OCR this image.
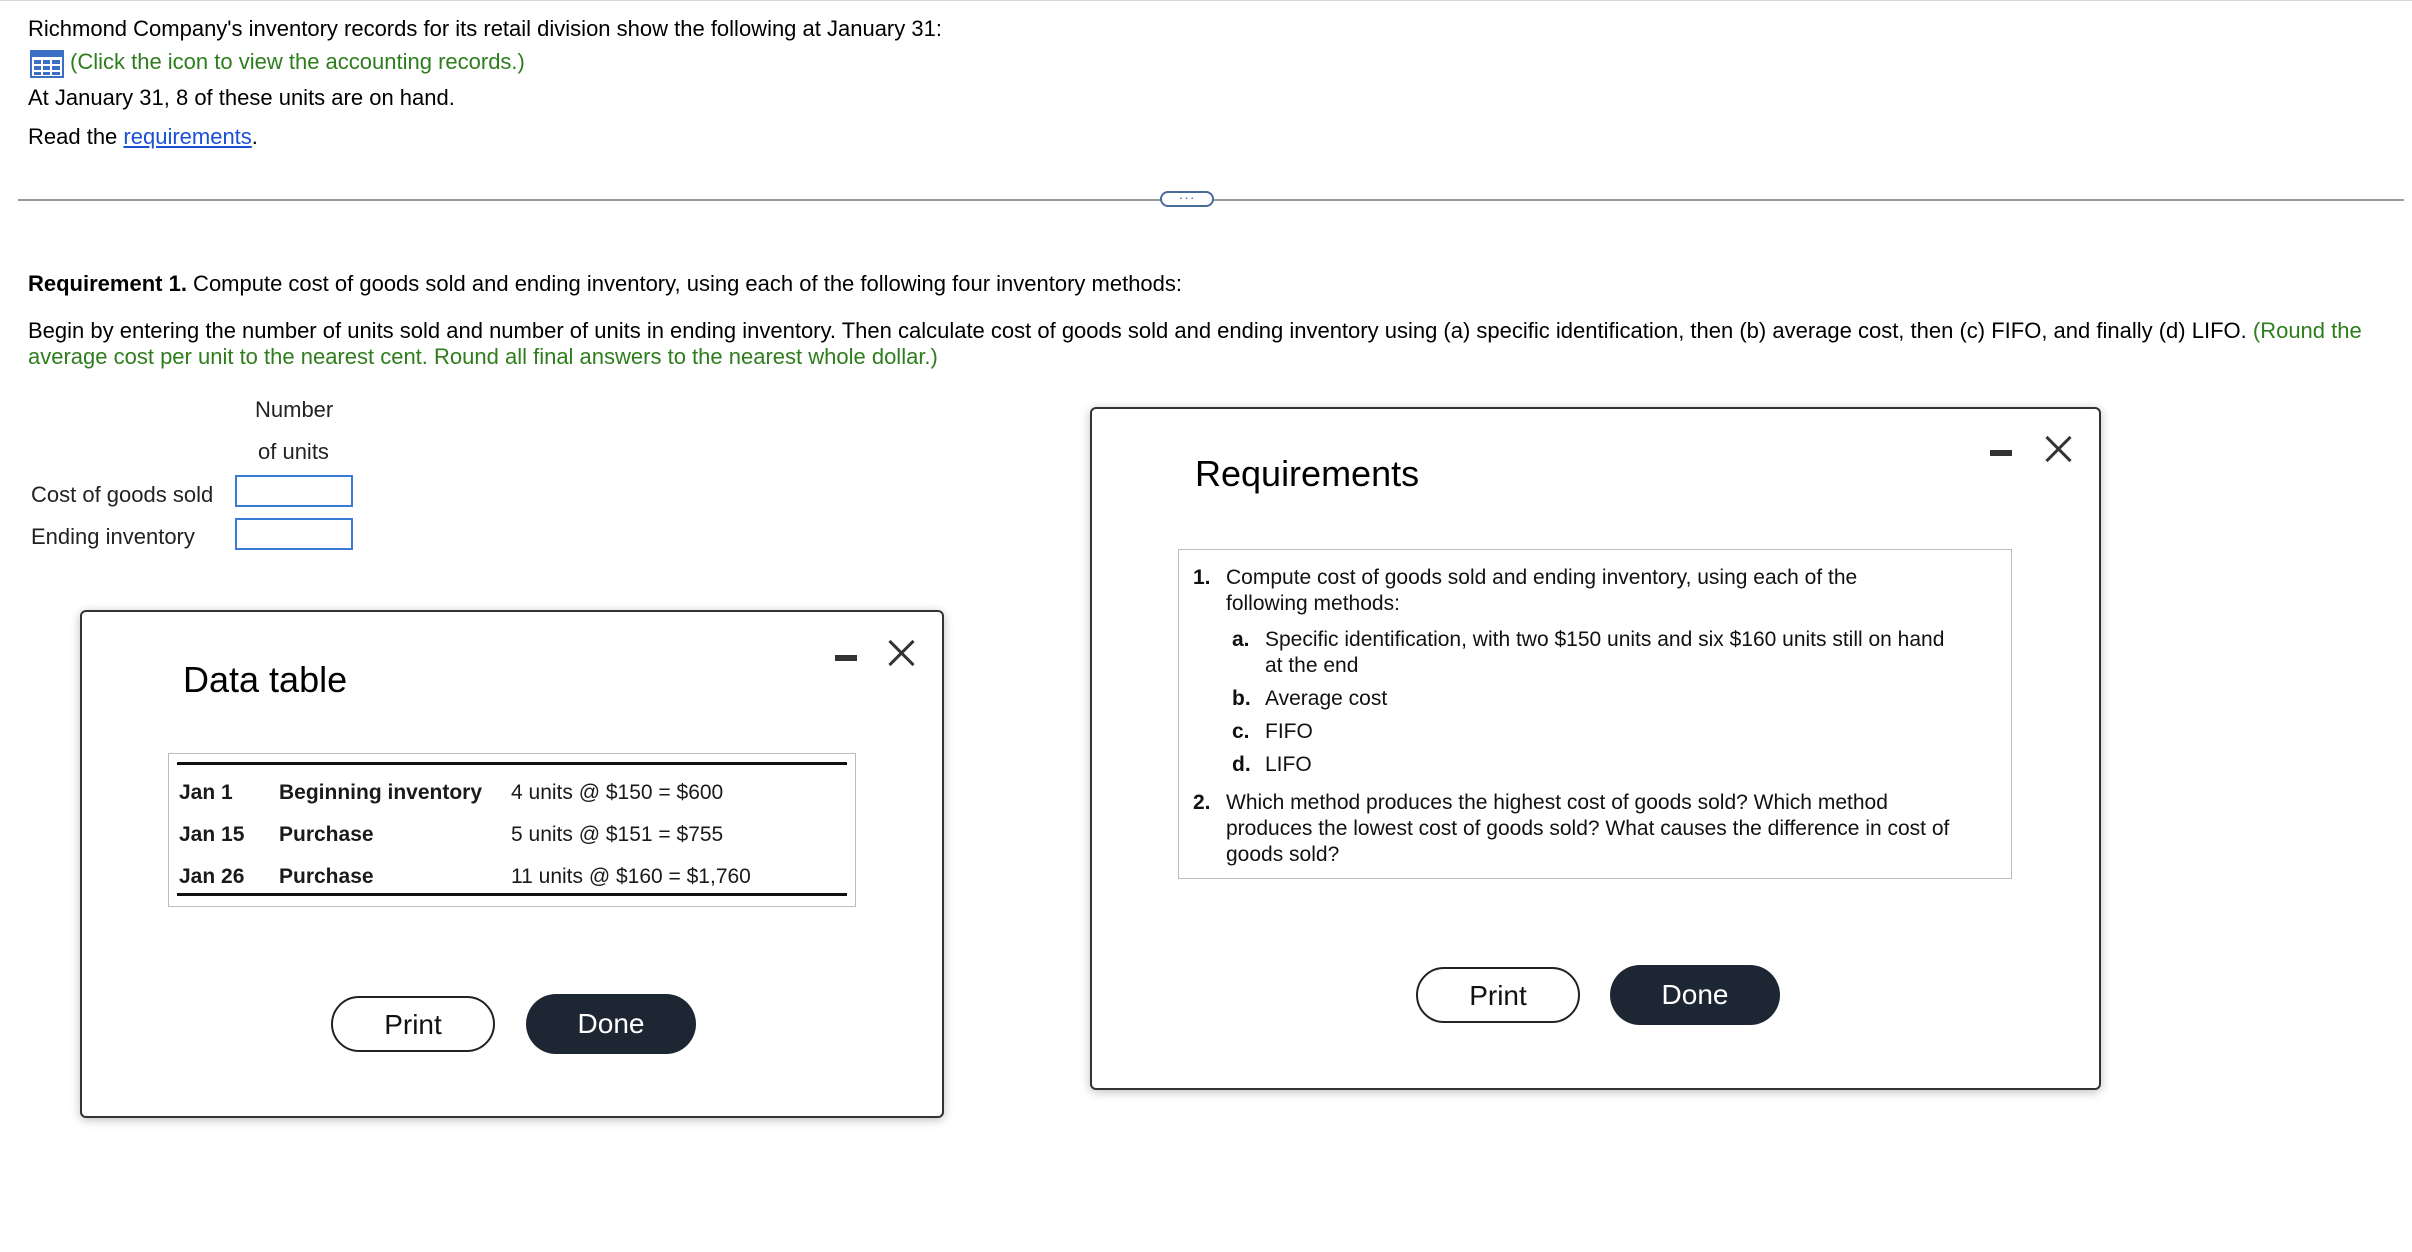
Richmond Company's inventory records for its retail division show the following at January 31:
(Click the icon to view the accounting records.)
At January 31, 8 of these units are on hand.
Read the requirements.
···
Requirement 1. Compute cost of goods sold and ending inventory, using each of the following four inventory methods:
Begin by entering the number of units sold and number of units in ending inventory. Then calculate cost of goods sold and ending inventory using (a) specific identification, then (b) average cost, then (c) FIFO, and finally (d) LIFO. (Round the average cost per unit to the nearest cent. Round all final answers to the nearest whole dollar.)
Number
of units
Cost of goods sold
Ending inventory
Data table
Jan 1 Beginning inventory 4 units @ $150 = $600
Jan 15 Purchase	5 units @ $151 = $755
Jan 26 Purchase	11 units @ $160 = $1,760
Print	Done
Requirements
1. Compute cost of goods sold and ending inventory, using each of the
following methods:
a. Specific identification, with two $150 units and six $160 units still on hand
at the end
b. Average cost
c. FIFO
d. LIFO
2. Which method produces the highest cost of goods sold? Which method
produces the lowest cost of goods sold? What causes the difference in cost of
goods sold?
Print	Done
